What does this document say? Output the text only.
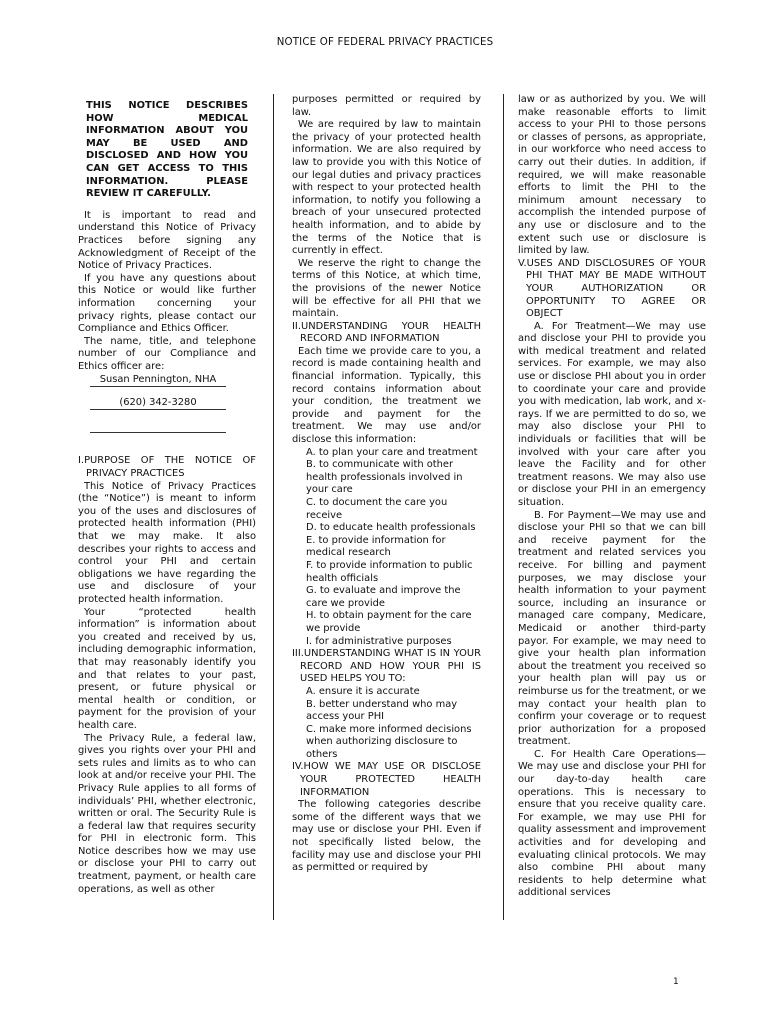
NOTICE OF FEDERAL PRIVACY PRACTICES

THIS NOTICE DESCRIBES HOW MEDICAL INFORMATION ABOUT YOU MAY BE USED AND DISCLOSED AND HOW YOU CAN GET ACCESS TO THIS INFORMATION. PLEASE REVIEW IT CAREFULLY.

It is important to read and understand this Notice of Privacy Practices before signing any Acknowledgment of Receipt of the Notice of Privacy Practices.

If you have any questions about this Notice or would like further information concerning your privacy rights, please contact our Compliance and Ethics Officer.

The name, title, and telephone number of our Compliance and Ethics officer are:

Susan Pennington, NHA

(620) 342-3280

I.PURPOSE OF THE NOTICE OF PRIVACY PRACTICES

This Notice of Privacy Practices (the “Notice”) is meant to inform you of the uses and disclosures of protected health information (PHI) that we may make. It also describes your rights to access and control your PHI and certain obligations we have regarding the use and disclosure of your protected health information.

Your “protected health information” is information about you created and received by us, including demographic information, that may reasonably identify you and that relates to your past, present, or future physical or mental health or condition, or payment for the provision of your health care.

The Privacy Rule, a federal law, gives you rights over your PHI and sets rules and limits as to who can look at and/or receive your PHI. The Privacy Rule applies to all forms of individuals’ PHI, whether electronic, written or oral. The Security Rule is a federal law that requires security for PHI in electronic form. This Notice describes how we may use or disclose your PHI to carry out treatment, payment, or health care operations, as well as other

purposes permitted or required by law.

We are required by law to maintain the privacy of your protected health information. We are also required by law to provide you with this Notice of our legal duties and privacy practices with respect to your protected health information, to notify you following a breach of your unsecured protected health information, and to abide by the terms of the Notice that is currently in effect.

We reserve the right to change the terms of this Notice, at which time, the provisions of the newer Notice will be effective for all PHI that we maintain.

II.UNDERSTANDING YOUR HEALTH RECORD AND INFORMATION

Each time we provide care to you, a record is made containing health and financial information. Typically, this record contains information about your condition, the treatment we provide and payment for the treatment. We may use and/or disclose this information:

A. to plan your care and treatment

B. to communicate with other health professionals involved in your care

C. to document the care you receive

D. to educate health professionals

E. to provide information for medical research

F. to provide information to public health officials

G. to evaluate and improve the care we provide

H. to obtain payment for the care we provide

I. for administrative purposes

III.UNDERSTANDING WHAT IS IN YOUR RECORD AND HOW YOUR PHI IS USED HELPS YOU TO:

A. ensure it is accurate

B. better understand who may access your PHI

C. make more informed decisions when authorizing disclosure to others

IV.HOW WE MAY USE OR DISCLOSE YOUR PROTECTED HEALTH INFORMATION

The following categories describe some of the different ways that we may use or disclose your PHI. Even if not specifically listed below, the facility may use and disclose your PHI as permitted or required by

law or as authorized by you. We will make reasonable efforts to limit access to your PHI to those persons or classes of persons, as appropriate, in our workforce who need access to carry out their duties. In addition, if required, we will make reasonable efforts to limit the PHI to the minimum amount necessary to accomplish the intended purpose of any use or disclosure and to the extent such use or disclosure is limited by law.

V.USES AND DISCLOSURES OF YOUR PHI THAT MAY BE MADE WITHOUT YOUR AUTHORIZATION OR OPPORTUNITY TO AGREE OR OBJECT

A. For Treatment—We may use and disclose your PHI to provide you with medical treatment and related services. For example, we may also use or disclose PHI about you in order to coordinate your care and provide you with medication, lab work, and x-rays. If we are permitted to do so, we may also disclose your PHI to individuals or facilities that will be involved with your care after you leave the Facility and for other treatment reasons. We may also use or disclose your PHI in an emergency situation.

B. For Payment—We may use and disclose your PHI so that we can bill and receive payment for the treatment and related services you receive. For billing and payment purposes, we may disclose your health information to your payment source, including an insurance or managed care company, Medicare, Medicaid or another third-party payor. For example, we may need to give your health plan information about the treatment you received so your health plan will pay us or reimburse us for the treatment, or we may contact your health plan to confirm your coverage or to request prior authorization for a proposed treatment.

C. For Health Care Operations—We may use and disclose your PHI for our day-to-day health care operations. This is necessary to ensure that you receive quality care. For example, we may use PHI for quality assessment and improvement activities and for developing and evaluating clinical protocols. We may also combine PHI about many residents to help determine what additional services

1
